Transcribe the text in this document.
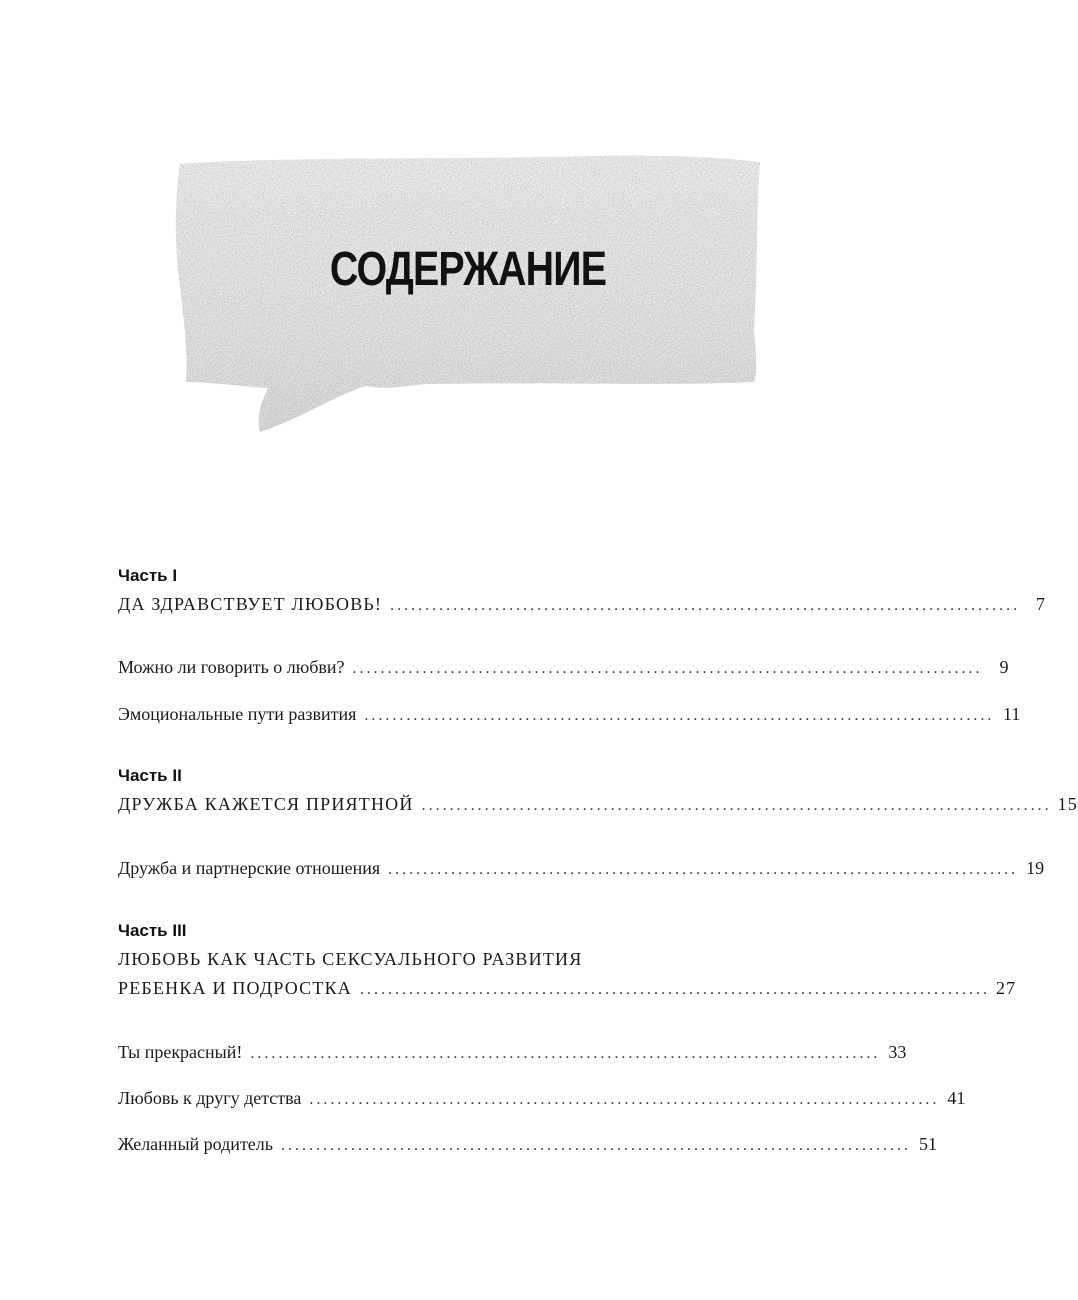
СОДЕРЖАНИЕ
Часть I
ДА ЗДРАВСТВУЕТ ЛЮБОВЬ! .......................................................................................... 7
Можно ли говорить о любви? .......................................................................................... 9
Эмоциональные пути развития .......................................................................................... 11
Часть II
ДРУЖБА КАЖЕТСЯ ПРИЯТНОЙ .......................................................................................... 15
Дружба и партнерские отношения .......................................................................................... 19
Часть III
ЛЮБОВЬ КАК ЧАСТЬ СЕКСУАЛЬНОГО РАЗВИТИЯ
РЕБЕНКА И ПОДРОСТКА .......................................................................................... 27
Ты прекрасный! .......................................................................................... 33
Любовь к другу детства .......................................................................................... 41
Желанный родитель .......................................................................................... 51
